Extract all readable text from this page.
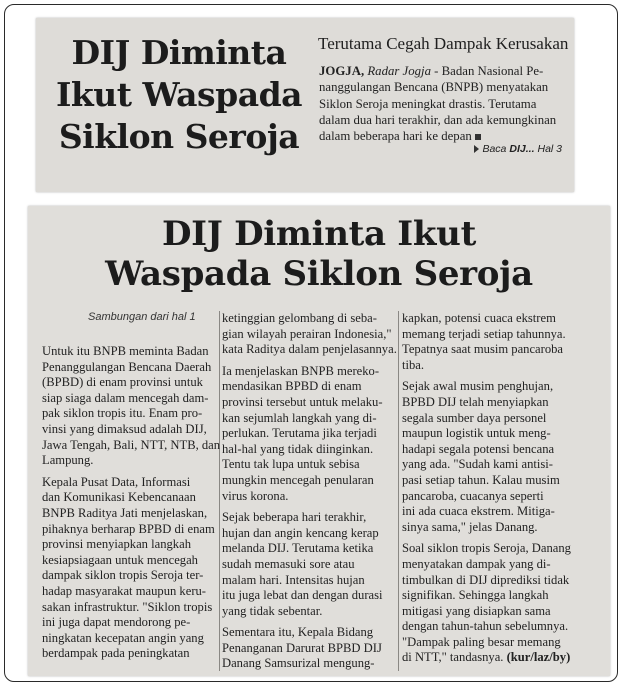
DIJ Diminta
Ikut Waspada
Siklon Seroja
Terutama Cegah Dampak Kerusakan
JOGJA, Radar Jogja - Badan Nasional Pe-
nanggulangan Bencana (BNPB) menyatakan
Siklon Seroja meningkat drastis. Terutama
dalam dua hari terakhir, dan ada kemungkinan
dalam beberapa hari ke depan
Baca DIJ... Hal 3
DIJ Diminta Ikut
Waspada Siklon Seroja
Sambungan dari hal 1
Untuk itu BNPB meminta Badan
Penanggulangan Bencana Daerah
(BPBD) di enam provinsi untuk
siap siaga dalam mencegah dam-
pak siklon tropis itu. Enam pro-
vinsi yang dimaksud adalah DIJ,
Jawa Tengah, Bali, NTT, NTB, dan
Lampung.
Kepala Pusat Data, Informasi
dan Komunikasi Kebencanaan
BNPB Raditya Jati menjelaskan,
pihaknya berharap BPBD di enam
provinsi menyiapkan langkah
kesiapsiagaan untuk mencegah
dampak siklon tropis Seroja ter-
hadap masyarakat maupun keru-
sakan infrastruktur. "Siklon tropis
ini juga dapat mendorong pe-
ningkatan kecepatan angin yang
berdampak pada peningkatan
ketinggian gelombang di seba-
gian wilayah perairan Indonesia,"
kata Raditya dalam penjelasannya.
Ia menjelaskan BNPB mereko-
mendasikan BPBD di enam
provinsi tersebut untuk melaku-
kan sejumlah langkah yang di-
perlukan. Terutama jika terjadi
hal-hal yang tidak diinginkan.
Tentu tak lupa untuk sebisa
mungkin mencegah penularan
virus korona.
Sejak beberapa hari terakhir,
hujan dan angin kencang kerap
melanda DIJ. Terutama ketika
sudah memasuki sore atau
malam hari. Intensitas hujan
itu juga lebat dan dengan durasi
yang tidak sebentar.
Sementara itu, Kepala Bidang
Penanganan Darurat BPBD DIJ
Danang Samsurizal mengung-
kapkan, potensi cuaca ekstrem
memang terjadi setiap tahunnya.
Tepatnya saat musim pancaroba
tiba.
Sejak awal musim penghujan,
BPBD DIJ telah menyiapkan
segala sumber daya personel
maupun logistik untuk meng-
hadapi segala potensi bencana
yang ada. "Sudah kami antisi-
pasi setiap tahun. Kalau musim
pancaroba, cuacanya seperti
ini ada cuaca ekstrem. Mitiga-
sinya sama," jelas Danang.
Soal siklon tropis Seroja, Danang
menyatakan dampak yang di-
timbulkan di DIJ diprediksi tidak
signifikan. Sehingga langkah
mitigasi yang disiapkan sama
dengan tahun-tahun sebelumnya.
"Dampak paling besar memang
di NTT," tandasnya. (kur/laz/by)
